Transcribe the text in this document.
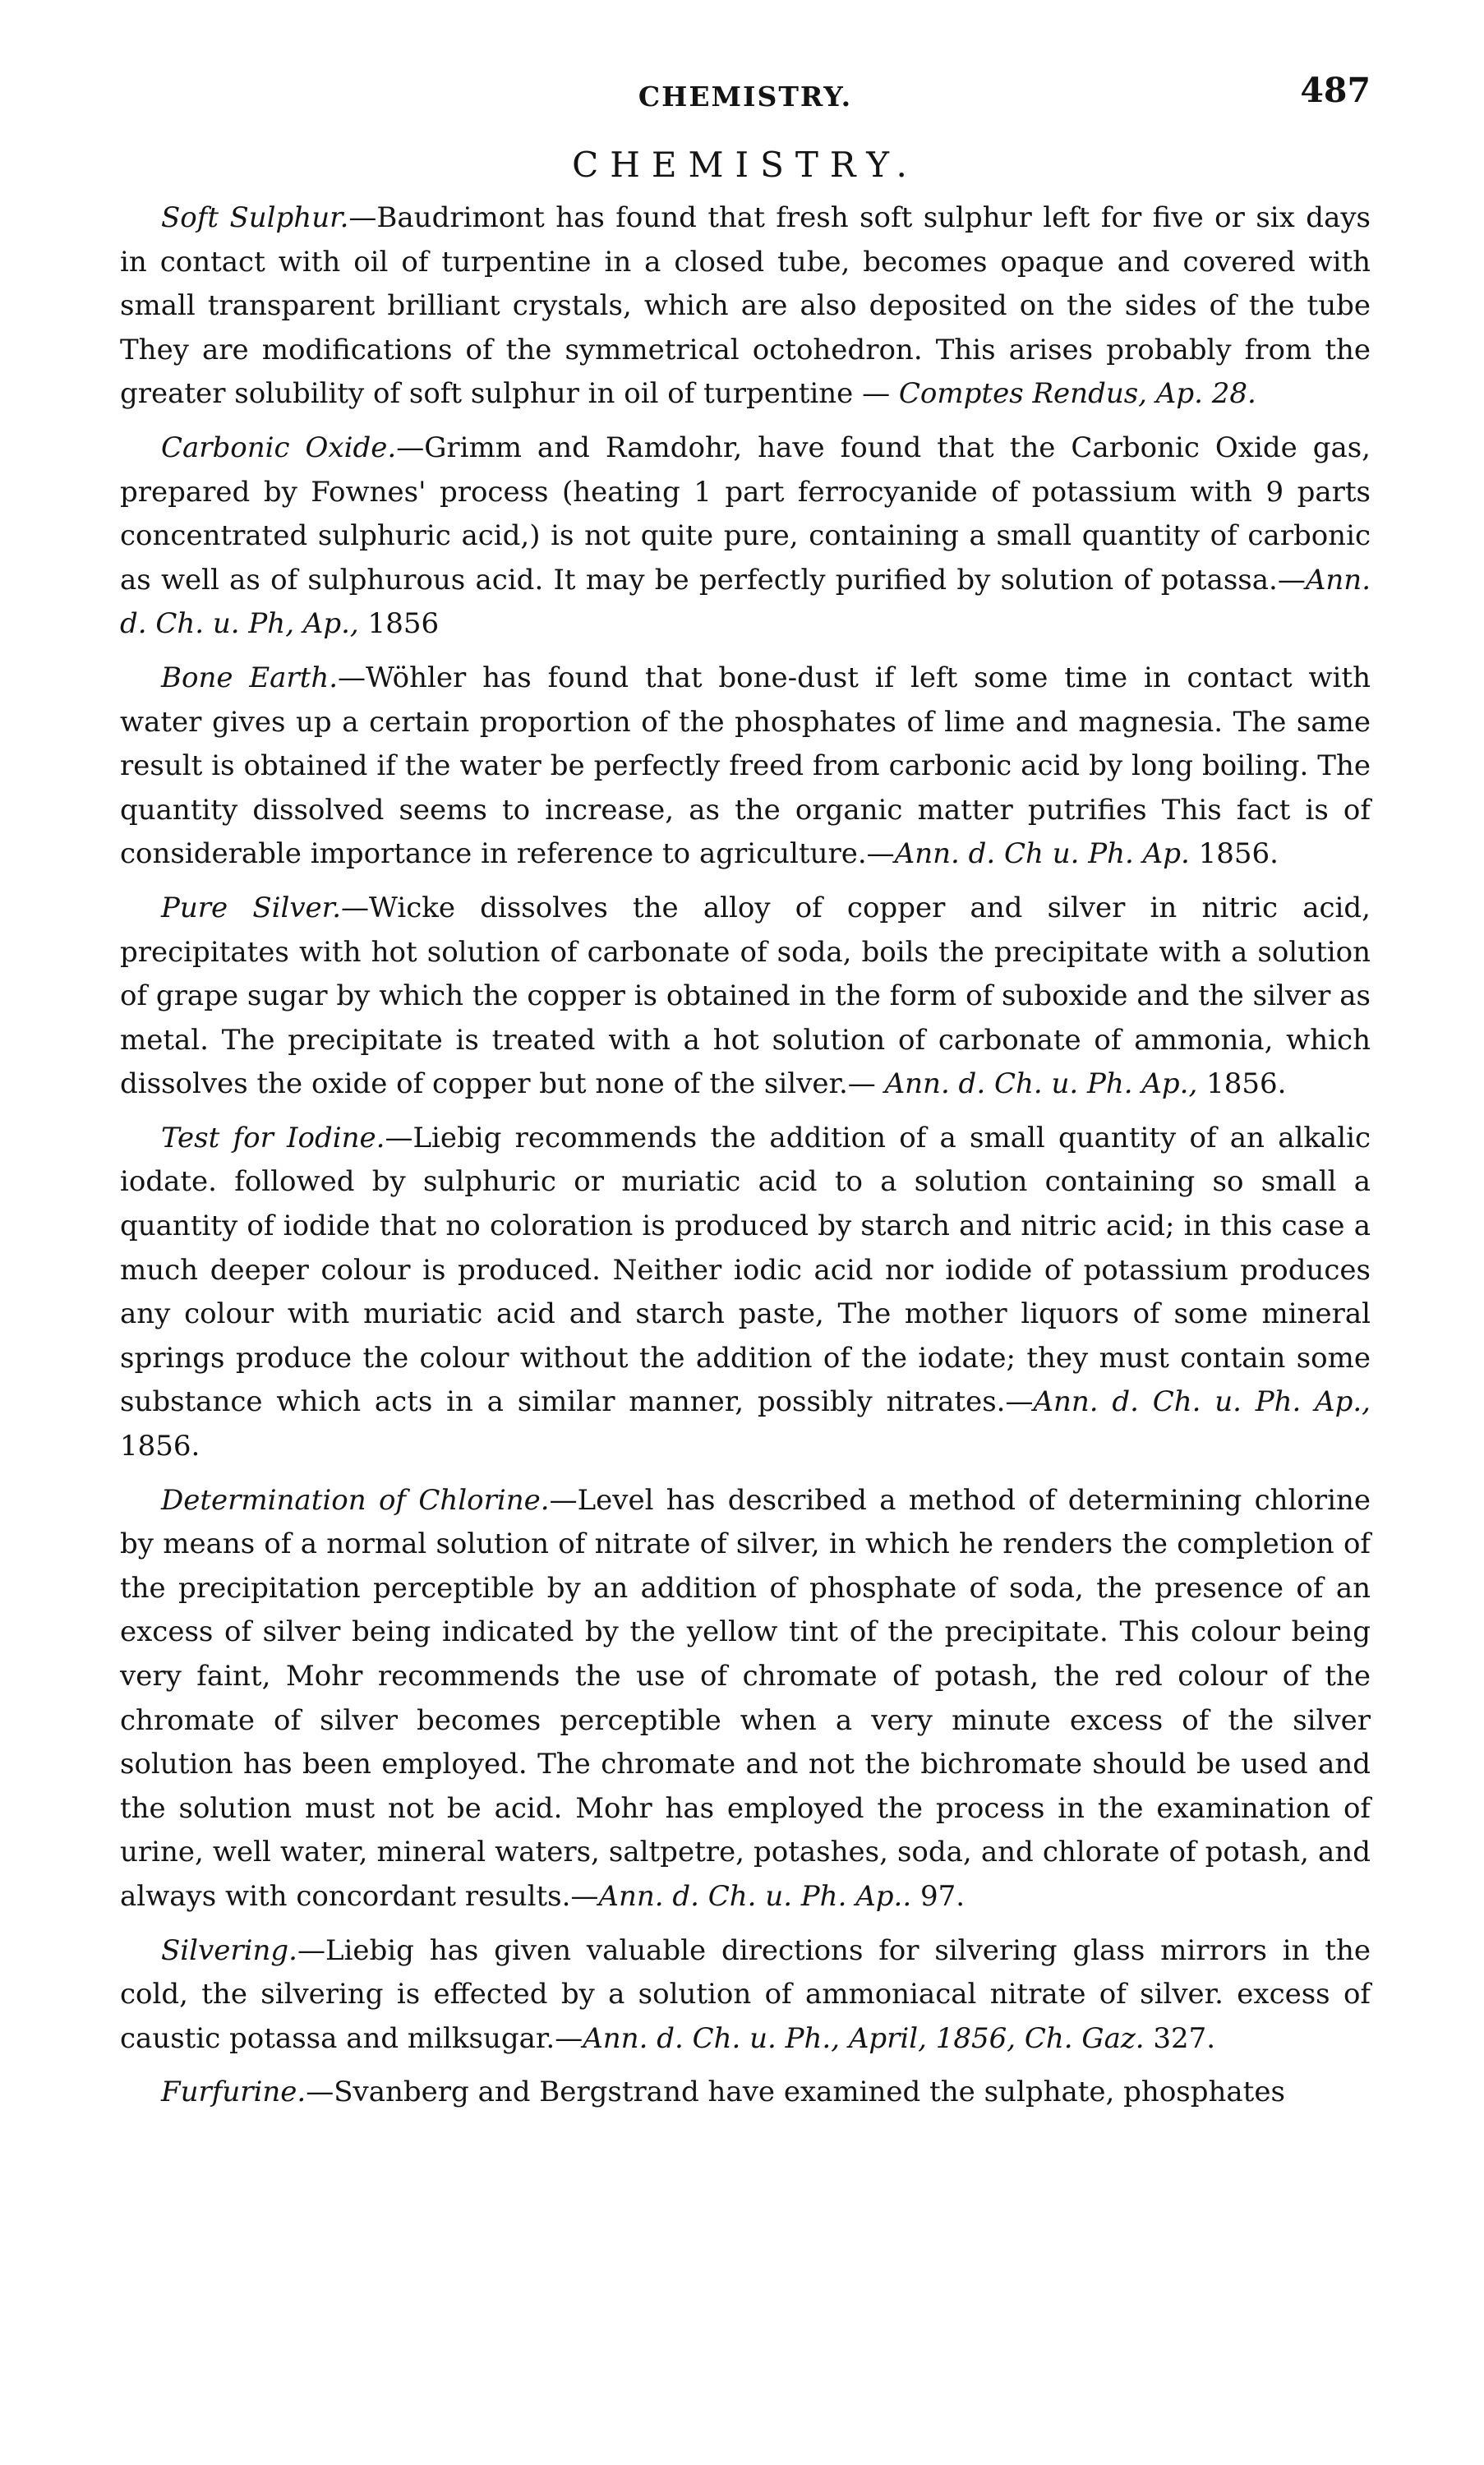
CHEMISTRY.	487
CHEMISTRY.

Soft Sulphur.—Baudrimont has found that fresh soft sulphur left for five or six days in contact with oil of turpentine in a closed tube, becomes opaque and covered with small transparent brilliant crystals, which are also deposited on the sides of the tube They are modifications of the symmetrical octohedron. This arises probably from the greater solubility of soft sulphur in oil of turpentine — Comptes Rendus, Ap. 28.

Carbonic Oxide.—Grimm and Ramdohr, have found that the Carbonic Oxide gas, prepared by Fownes' process (heating 1 part ferrocyanide of potassium with 9 parts concentrated sulphuric acid,) is not quite pure, containing a small quantity of carbonic as well as of sulphurous acid. It may be perfectly purified by solution of potassa.—Ann. d. Ch. u. Ph, Ap., 1856

Bone Earth.—Wöhler has found that bone-dust if left some time in contact with water gives up a certain proportion of the phosphates of lime and magnesia. The same result is obtained if the water be perfectly freed from carbonic acid by long boiling. The quantity dissolved seems to increase, as the organic matter putrifies This fact is of considerable importance in reference to agriculture.—Ann. d. Ch u. Ph. Ap. 1856.

Pure Silver.—Wicke dissolves the alloy of copper and silver in nitric acid, precipitates with hot solution of carbonate of soda, boils the precipitate with a solution of grape sugar by which the copper is obtained in the form of suboxide and the silver as metal. The precipitate is treated with a hot solution of carbonate of ammonia, which dissolves the oxide of copper but none of the silver.— Ann. d. Ch. u. Ph. Ap., 1856.

Test for Iodine.—Liebig recommends the addition of a small quantity of an alkalic iodate. followed by sulphuric or muriatic acid to a solution containing so small a quantity of iodide that no coloration is produced by starch and nitric acid; in this case a much deeper colour is produced. Neither iodic acid nor iodide of potassium produces any colour with muriatic acid and starch paste, The mother liquors of some mineral springs produce the colour without the addition of the iodate; they must contain some substance which acts in a similar manner, possibly nitrates.—Ann. d. Ch. u. Ph. Ap., 1856.

Determination of Chlorine.—Level has described a method of determining chlorine by means of a normal solution of nitrate of silver, in which he renders the completion of the precipitation perceptible by an addition of phosphate of soda, the presence of an excess of silver being indicated by the yellow tint of the precipitate. This colour being very faint, Mohr recommends the use of chromate of potash, the red colour of the chromate of silver becomes perceptible when a very minute excess of the silver solution has been employed. The chromate and not the bichromate should be used and the solution must not be acid. Mohr has employed the process in the examination of urine, well water, mineral waters, saltpetre, potashes, soda, and chlorate of potash, and always with concordant results.—Ann. d. Ch. u. Ph. Ap.. 97.

Silvering.—Liebig has given valuable directions for silvering glass mirrors in the cold, the silvering is effected by a solution of ammoniacal nitrate of silver. excess of caustic potassa and milksugar.—Ann. d. Ch. u. Ph., April, 1856, Ch. Gaz. 327.

Furfurine.—Svanberg and Bergstrand have examined the sulphate, phosphates
